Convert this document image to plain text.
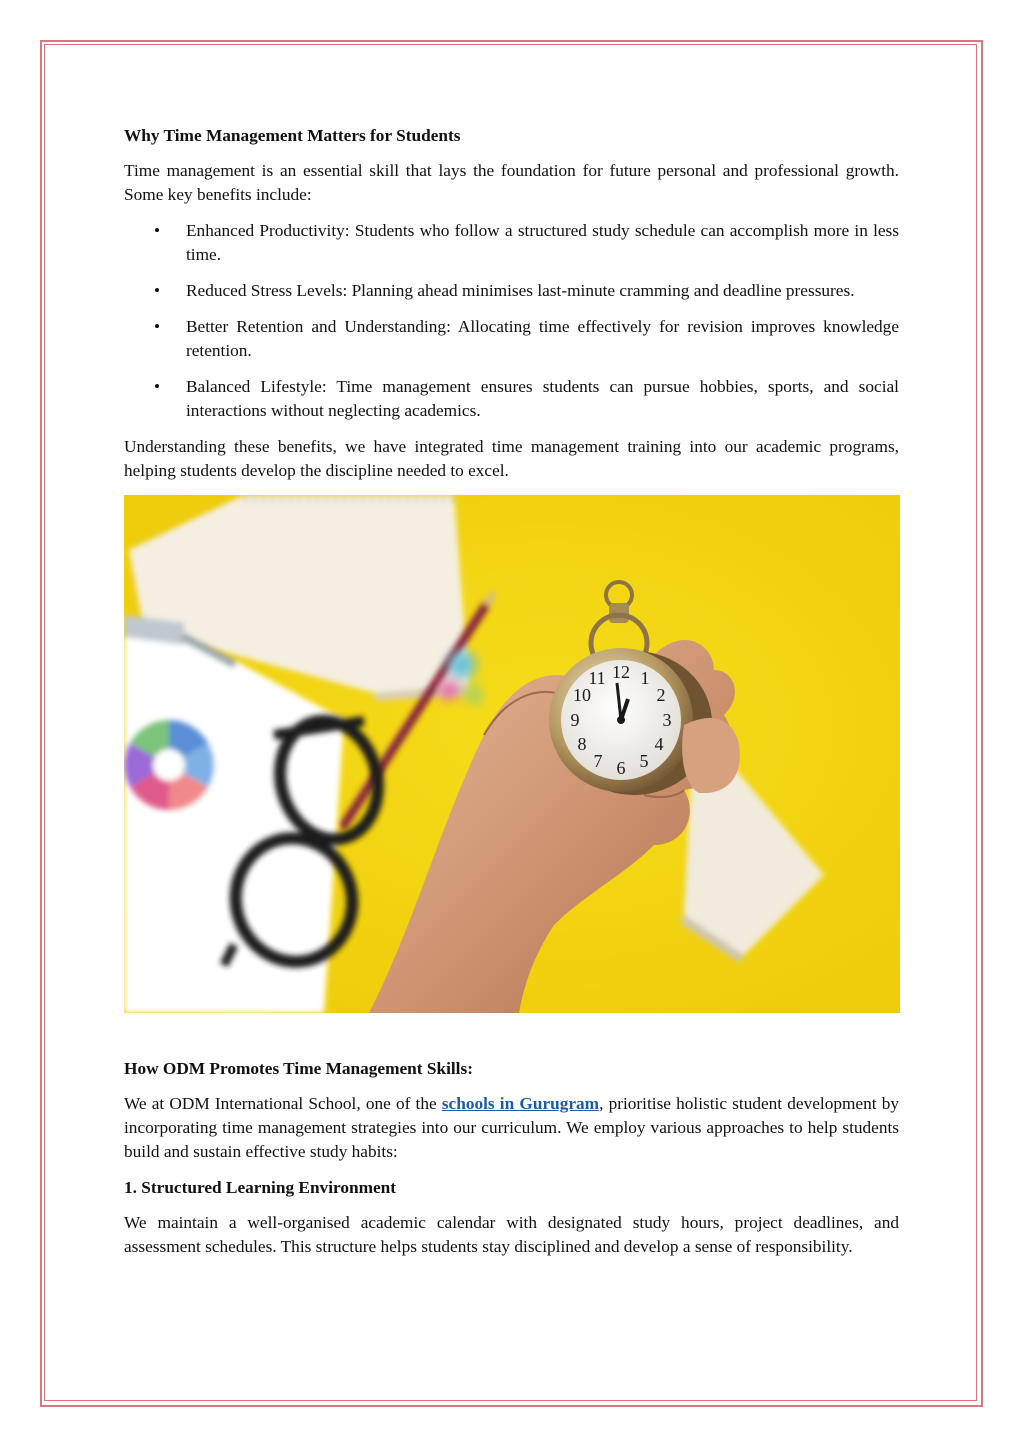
Why Time Management Matters for Students

Time management is an essential skill that lays the foundation for future personal and professional growth. Some key benefits include:

• Enhanced Productivity: Students who follow a structured study schedule can accomplish more in less time.
• Reduced Stress Levels: Planning ahead minimises last-minute cramming and deadline pressures.
• Better Retention and Understanding: Allocating time effectively for revision improves knowledge retention.
• Balanced Lifestyle: Time management ensures students can pursue hobbies, sports, and social interactions without neglecting academics.

Understanding these benefits, we have integrated time management training into our academic programs, helping students develop the discipline needed to excel.

12 1
2
3
4
5
6
7
8
9
10
11
How ODM Promotes Time Management Skills:

We at ODM International School, one of the schools in Gurugram, prioritise holistic student development by incorporating time management strategies into our curriculum. We employ various approaches to help students build and sustain effective study habits:

1. Structured Learning Environment

We maintain a well-organised academic calendar with designated study hours, project deadlines, and assessment schedules. This structure helps students stay disciplined and develop a sense of responsibility.
